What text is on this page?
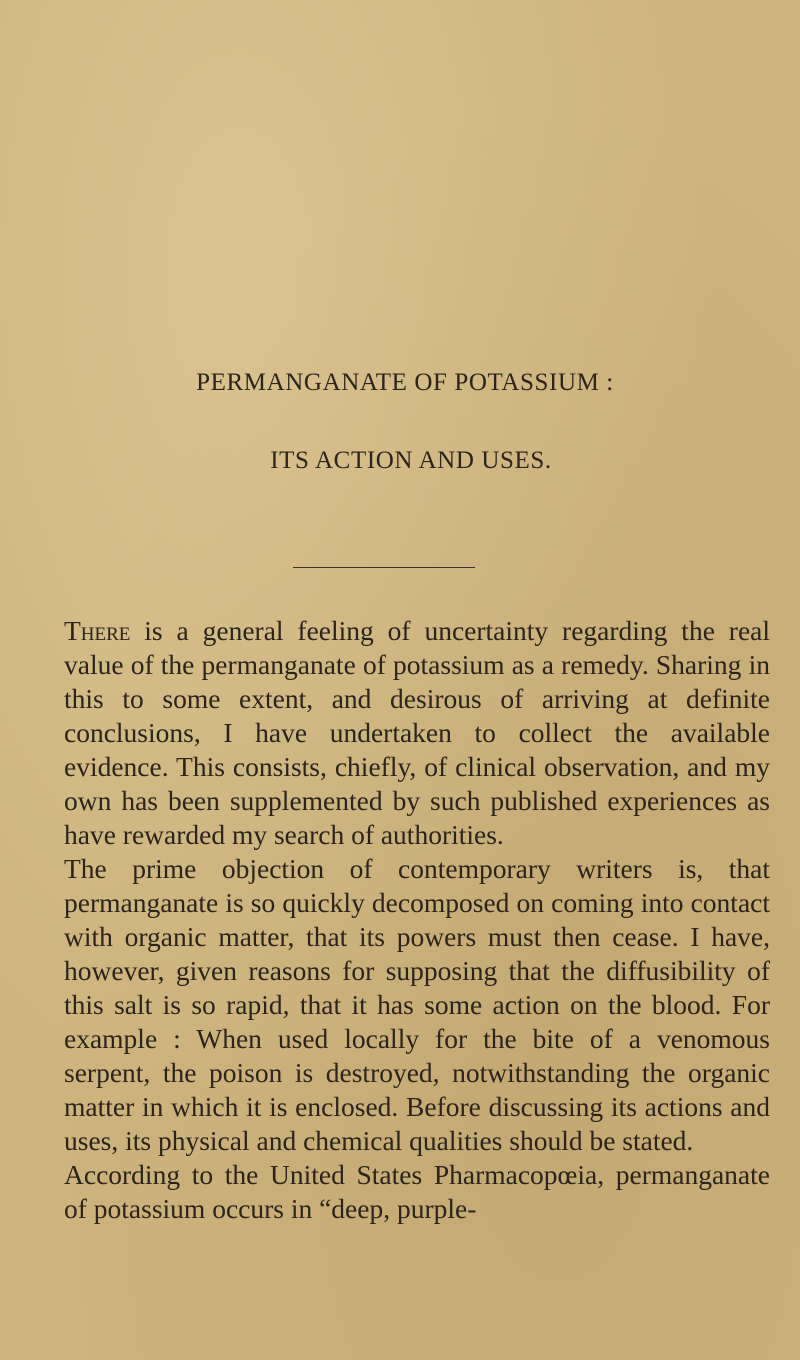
PERMANGANATE OF POTASSIUM :
ITS ACTION AND USES.

There is a general feeling of uncertainty regarding the real value of the permanganate of potassium as a remedy. Sharing in this to some extent, and desirous of arriving at definite conclusions, I have undertaken to collect the available evidence. This consists, chiefly, of clinical observation, and my own has been supplemented by such published experiences as have rewarded my search of authorities.

The prime objection of contemporary writers is, that permanganate is so quickly decomposed on coming into contact with organic matter, that its powers must then cease. I have, however, given reasons for supposing that the diffusibility of this salt is so rapid, that it has some action on the blood. For example : When used locally for the bite of a venomous serpent, the poison is destroyed, notwithstanding the organic matter in which it is enclosed. Before discussing its actions and uses, its physical and chemical qualities should be stated.

According to the United States Pharmacopœia, permanganate of potassium occurs in “deep, purple-
